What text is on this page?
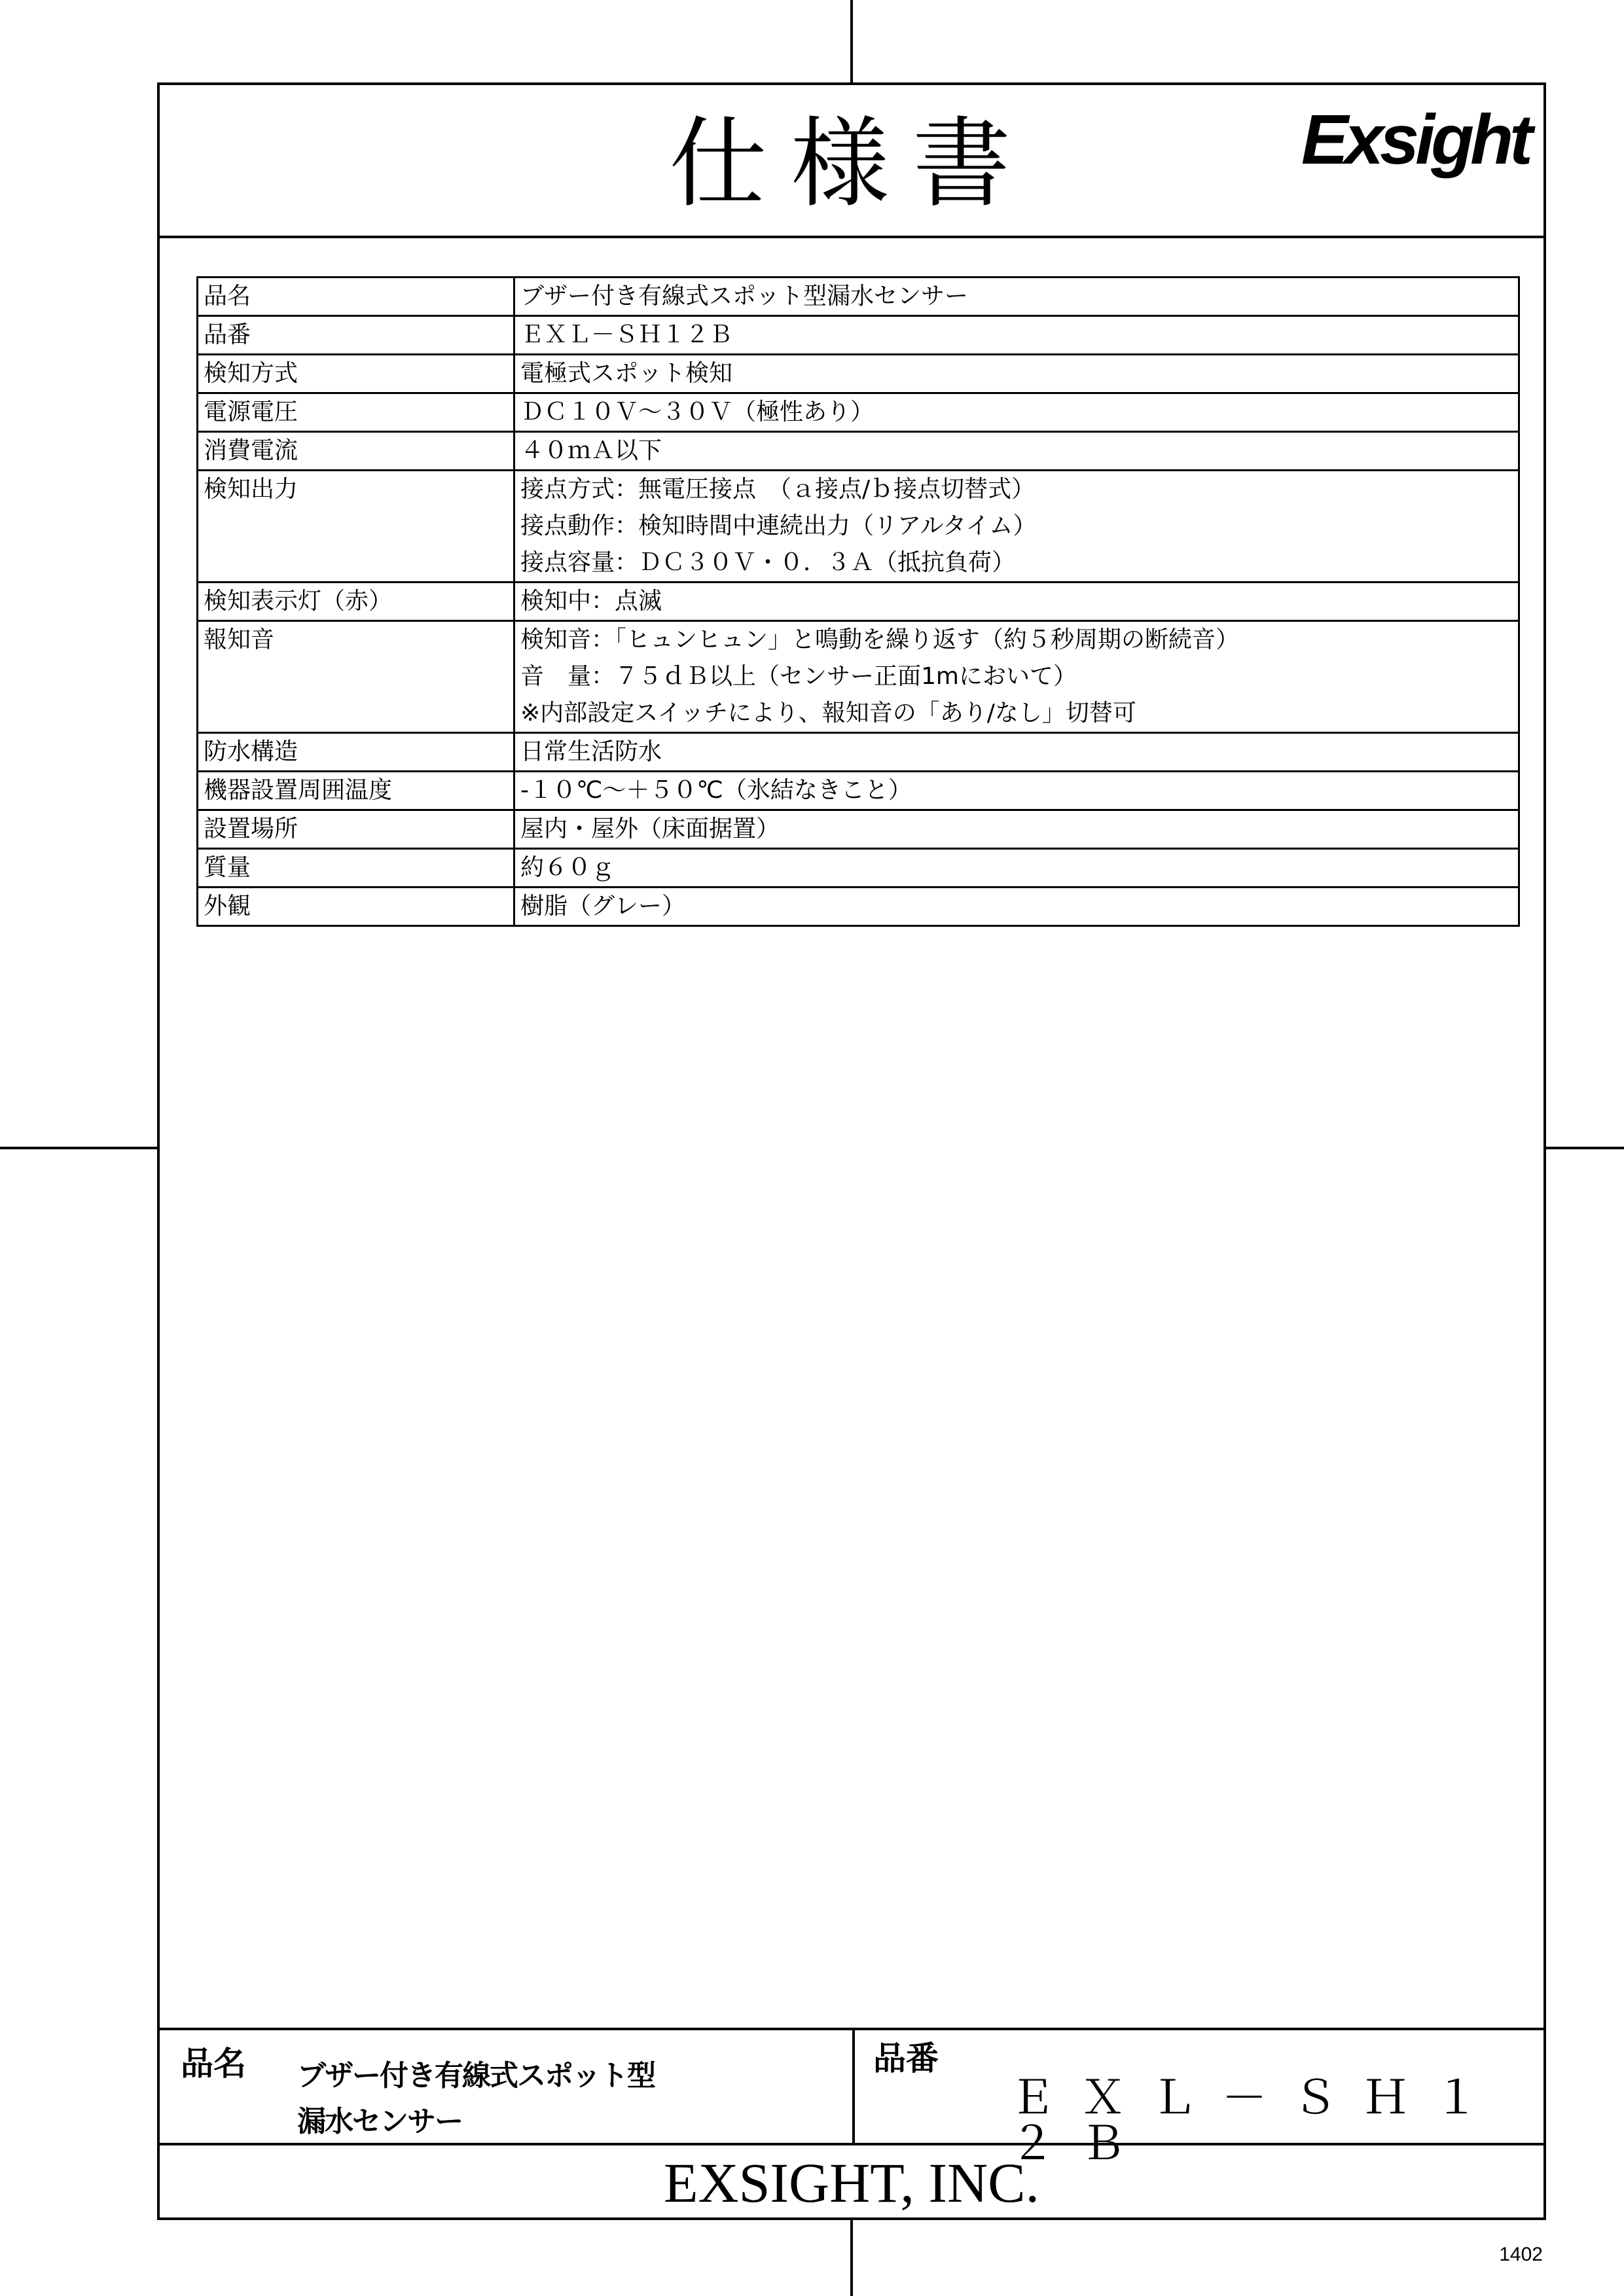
仕様書	Exsight
品名	ブザー付き有線式スポット型漏水センサー

品番	ＥＸＬ－ＳＨ１２Ｂ

検知方式	電極式スポット検知

電源電圧	ＤＣ１０Ｖ～３０Ｖ（極性あり）

消費電流	４０ｍＡ以下

検知出力	接点方式：無電圧接点　（ａ接点/ｂ接点切替式）
接点動作：検知時間中連続出力（リアルタイム）
接点容量：ＤＣ３０Ｖ・０．３Ａ（抵抗負荷）

検知表示灯（赤）	検知中：点滅

報知音	検知音：「ヒュンヒュン」と鳴動を繰り返す（約５秒周期の断続音）
音　量：７５ｄＢ以上（センサー正面1mにおいて）
※内部設定スイッチにより、報知音の「あり/なし」切替可

防水構造	日常生活防水

機器設置周囲温度	-１０℃～＋５０℃（氷結なきこと）

設置場所	屋内・屋外（床面据置）

質量	約６０ｇ

外観	樹脂（グレー）
品名 ブザー付き有線式スポット型
漏水センサー
品番
ＥＸＬ－ＳＨ１２Ｂ
EXSIGHT, INC.
1402
